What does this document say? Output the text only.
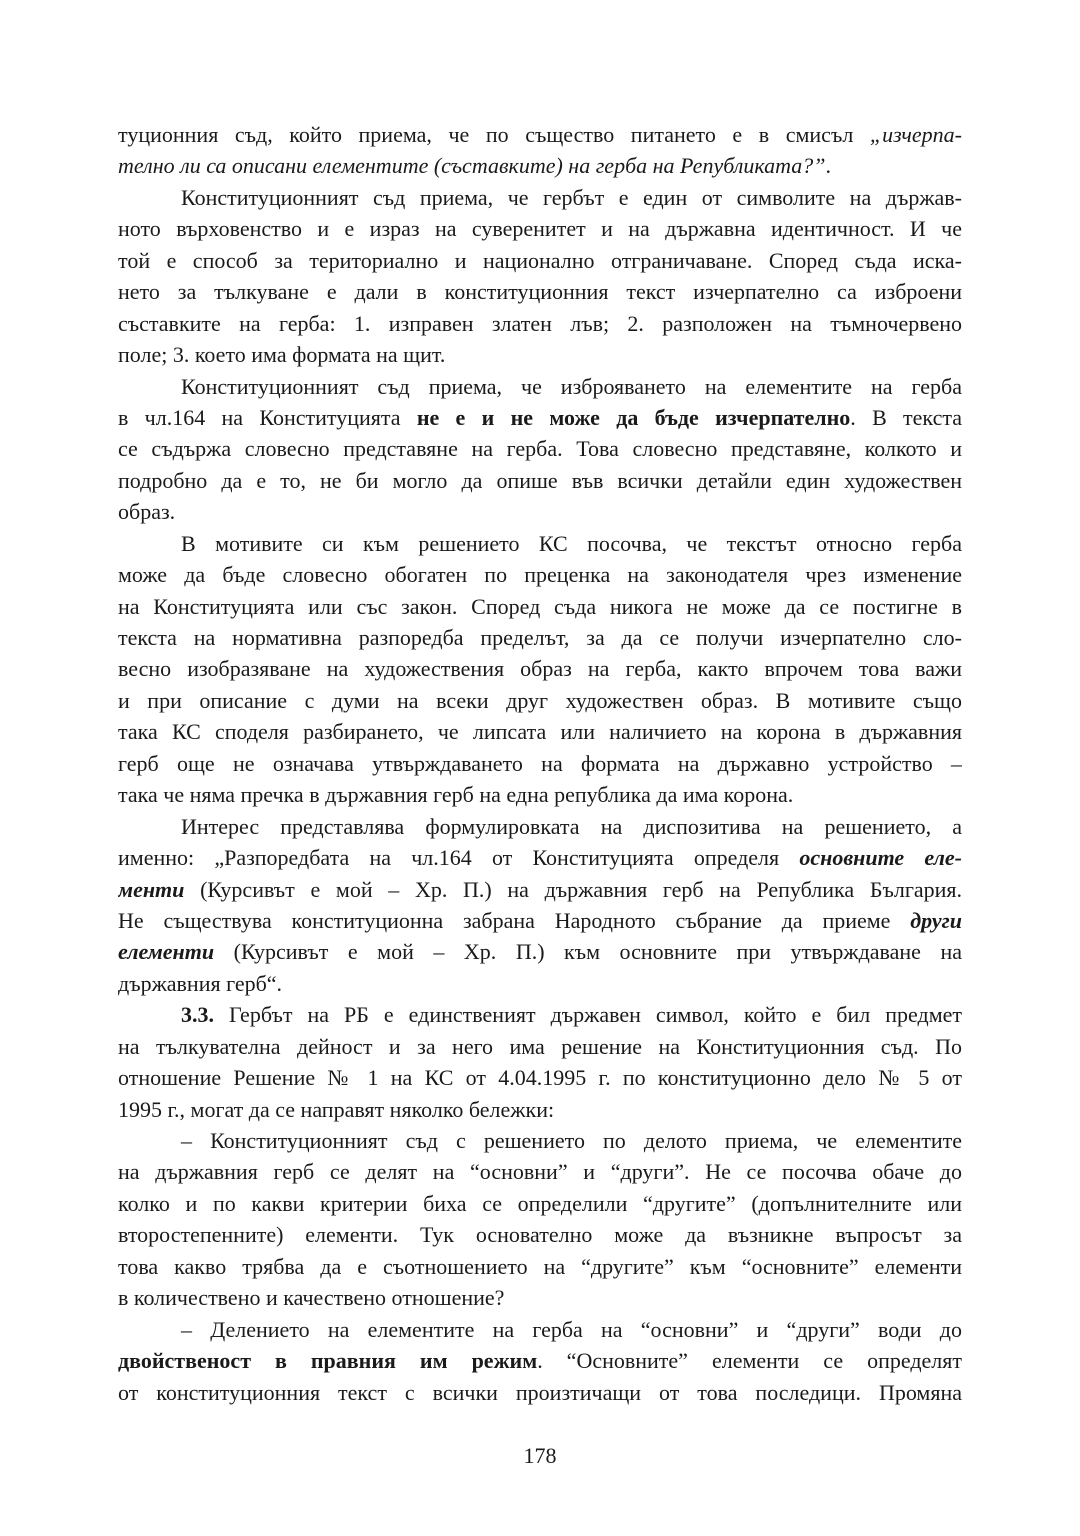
туционния съд, който приема, че по същество питането е в смисъл „изчерпа-
телно ли са описани елементите (съставките) на герба на Републиката?”.
Конституционният съд приема, че гербът е един от символите на държав-
ното върховенство и е израз на суверенитет и на държавна идентичност. И че
той е способ за териториално и национално отграничаване. Според съда иска-
нето за тълкуване е дали в конституционния текст изчерпателно са изброени
съставките на герба: 1. изправен златен лъв; 2. разположен на тъмночервено
поле; 3. което има формата на щит.
Конституционният съд приема, че изброяването на елементите на герба
в чл.164 на Конституцията не е и не може да бъде изчерпателно. В текста
се съдържа словесно представяне на герба. Това словесно представяне, колкото и
подробно да е то, не би могло да опише във всички детайли един художествен
образ.
В мотивите си към решението КС посочва, че текстът относно герба
може да бъде словесно обогатен по преценка на законодателя чрез изменение
на Конституцията или със закон. Според съда никога не може да се постигне в
текста на нормативна разпоредба пределът, за да се получи изчерпателно сло-
весно изобразяване на художествения образ на герба, както впрочем това важи
и при описание с думи на всеки друг художествен образ. В мотивите също
така КС споделя разбирането, че липсата или наличието на корона в държавния
герб още не означава утвърждаването на формата на държавно устройство –
така че няма пречка в държавния герб на една република да има корона.
Интерес представлява формулировката на диспозитива на решението, а
именно: „Разпоредбата на чл.164 от Конституцията определя основните еле-
менти (Курсивът е мой – Хр. П.) на държавния герб на Република България.
Не съществува конституционна забрана Народното събрание да приеме други
елементи (Курсивът е мой – Хр. П.) към основните при утвърждаване на
държавния герб“.
3.3. Гербът на РБ е единственият държавен символ, който е бил предмет
на тълкувателна дейност и за него има решение на Конституционния съд. По
отношение Решение № 1 на КС от 4.04.1995 г. по конституционно дело № 5 от
1995 г., могат да се направят няколко бележки:
– Конституционният съд с решението по делото приема, че елементите
на държавния герб се делят на “основни” и “други”. Не се посочва обаче до
колко и по какви критерии биха се определили “другите” (допълнителните или
второстепенните) елементи. Тук основателно може да възникне въпросът за
това какво трябва да е съотношението на “другите” към “основните” елементи
в количествено и качествено отношение?
– Делението на елементите на герба на “основни” и “други” води до
двойственост в правния им режим. “Основните” елементи се определят
от конституционния текст с всички произтичащи от това последици. Промяна
178
